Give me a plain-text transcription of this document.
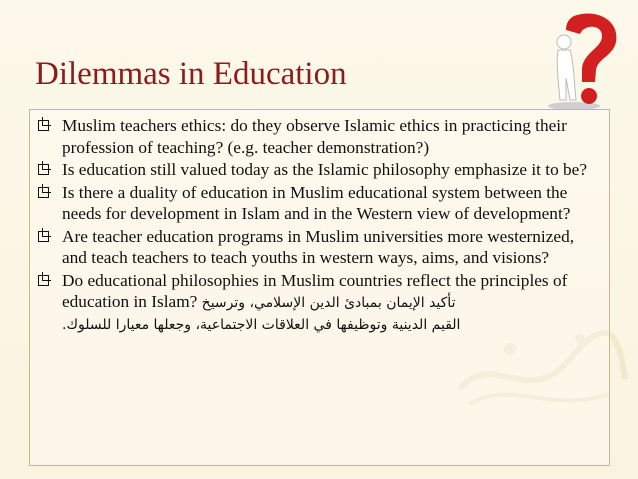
Dilemmas in Education
Muslim teachers ethics: do they observe Islamic ethics in practicing their profession of teaching? (e.g. teacher demonstration?)
Is education still valued today as the Islamic philosophy emphasize it to be?
Is there a duality of education in Muslim educational system between the needs for development in Islam and in the Western view of development?
Are teacher education programs in Muslim universities more westernized, and teach teachers to teach youths in western ways, aims, and visions?
Do educational philosophies in Muslim countries reflect the principles of education in Islam? تأكيد الإيمان بمبادئ الدين الإسلامي، وترسيخ
القيم الدينية وتوظيفها في العلاقات الاجتماعية، وجعلها معيارا للسلوك.
